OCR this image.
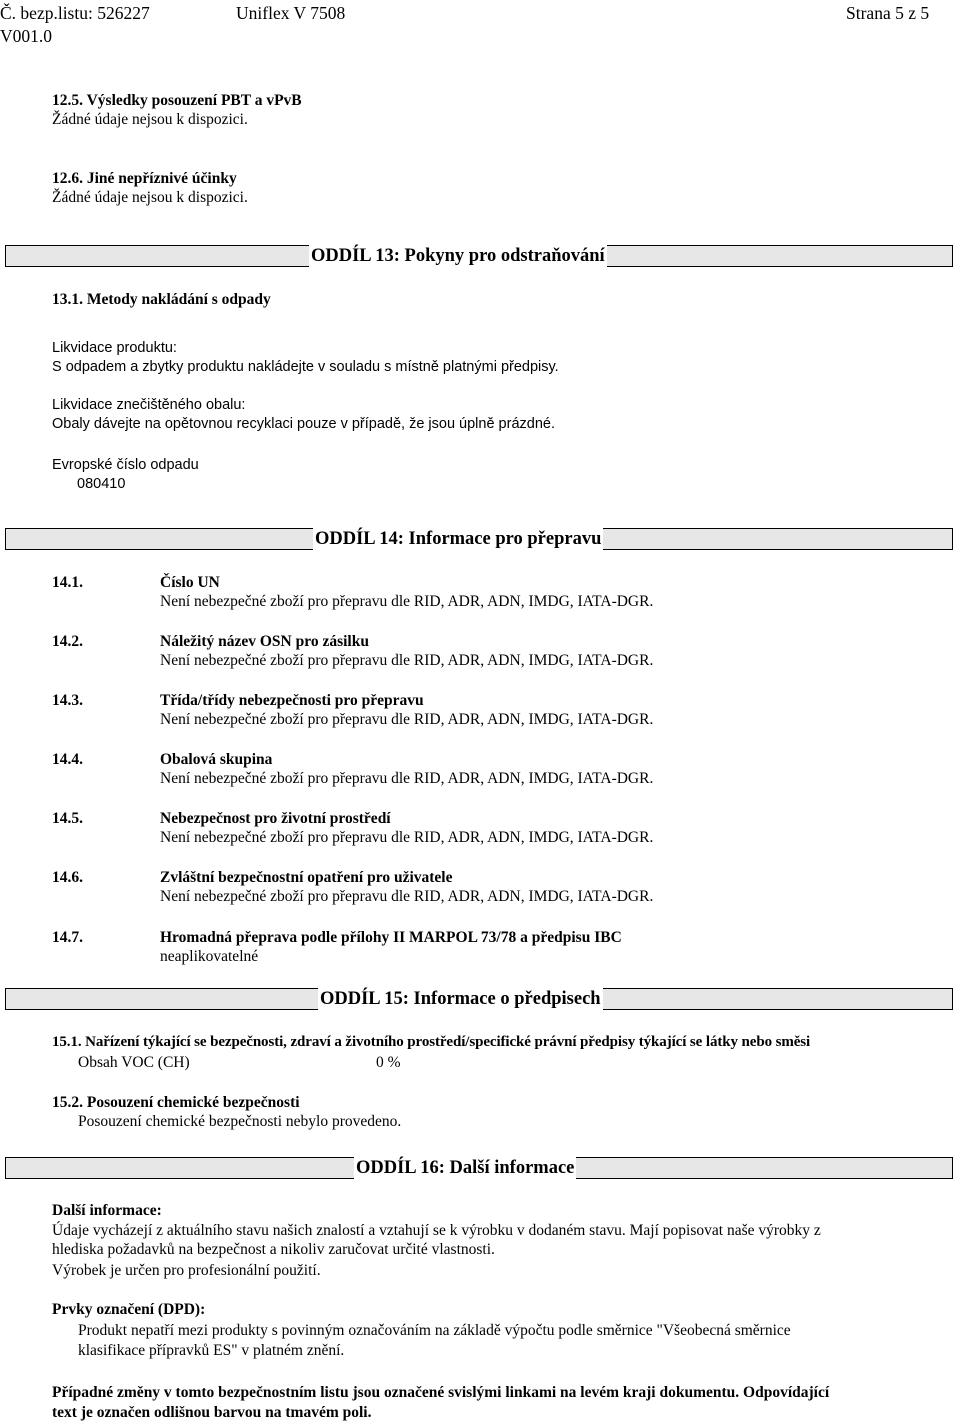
Č. bezp.listu: 526227	Uniflex V 7508	Strana 5 z 5
V001.0
12.5. Výsledky posouzení PBT a vPvB
Žádné údaje nejsou k dispozici.
12.6. Jiné nepříznivé účinky
Žádné údaje nejsou k dispozici.
ODDÍL 13: Pokyny pro odstraňování
13.1. Metody nakládání s odpady
Likvidace produktu:
S odpadem a zbytky produktu nakládejte v souladu s místně platnými předpisy.
Likvidace znečištěného obalu:
Obaly dávejte na opětovnou recyklaci pouze v případě, že jsou úplně prázdné.
Evropské číslo odpadu
080410
ODDÍL 14: Informace pro přepravu
14.1.	Číslo UN
Není nebezpečné zboží pro přepravu dle RID, ADR, ADN, IMDG, IATA-DGR.
14.2.	Náležitý název OSN pro zásilku
Není nebezpečné zboží pro přepravu dle RID, ADR, ADN, IMDG, IATA-DGR.
14.3.	Třída/třídy nebezpečnosti pro přepravu
Není nebezpečné zboží pro přepravu dle RID, ADR, ADN, IMDG, IATA-DGR.
14.4.	Obalová skupina
Není nebezpečné zboží pro přepravu dle RID, ADR, ADN, IMDG, IATA-DGR.
14.5.	Nebezpečnost pro životní prostředí
Není nebezpečné zboží pro přepravu dle RID, ADR, ADN, IMDG, IATA-DGR.
14.6.	Zvláštní bezpečnostní opatření pro uživatele
Není nebezpečné zboží pro přepravu dle RID, ADR, ADN, IMDG, IATA-DGR.
14.7.	Hromadná přeprava podle přílohy II MARPOL 73/78 a předpisu IBC
neaplikovatelné
ODDÍL 15: Informace o předpisech
15.1. Nařízení týkající se bezpečnosti, zdraví a životního prostředí/specifické právní předpisy týkající se látky nebo směsi
Obsah VOC (CH)	0 %
15.2. Posouzení chemické bezpečnosti
Posouzení chemické bezpečnosti nebylo provedeno.
ODDÍL 16: Další informace
Další informace:
Údaje vycházejí z aktuálního stavu našich znalostí a vztahují se k výrobku v dodaném stavu. Mají popisovat naše výrobky z
hlediska požadavků na bezpečnost a nikoliv zaručovat určité vlastnosti.
Výrobek je určen pro profesionální použití.
Prvky označení (DPD):
Produkt nepatří mezi produkty s povinným označováním na základě výpočtu podle směrnice "Všeobecná směrnice
klasifikace přípravků ES" v platném znění.
Případné změny v tomto bezpečnostním listu jsou označené svislými linkami na levém kraji dokumentu. Odpovídající
text je označen odlišnou barvou na tmavém poli.
